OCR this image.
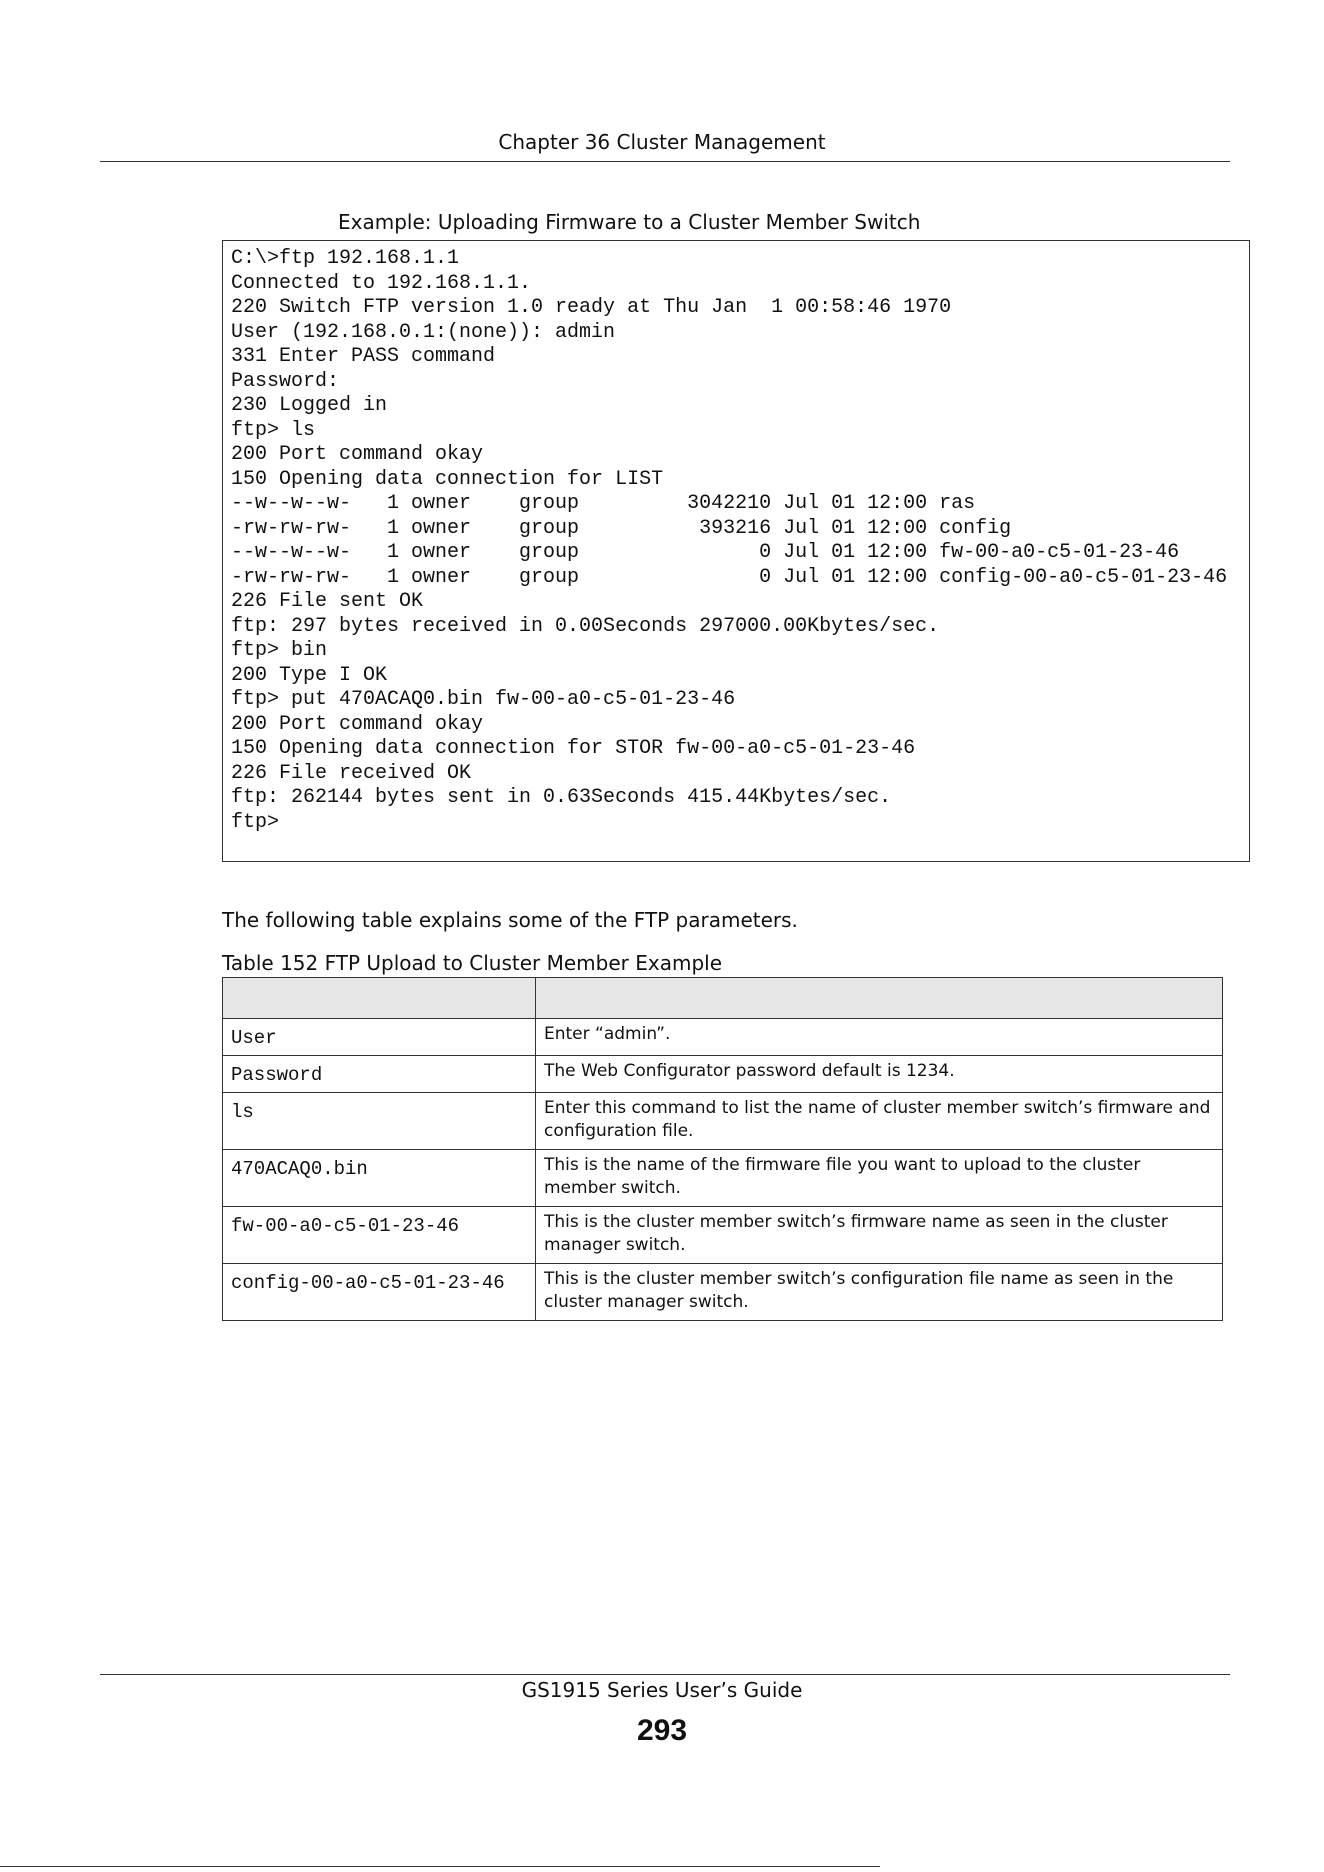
Chapter 36 Cluster Management
Example: Uploading Firmware to a Cluster Member Switch
C:\>ftp 192.168.1.1
Connected to 192.168.1.1.
220 Switch FTP version 1.0 ready at Thu Jan  1 00:58:46 1970
User (192.168.0.1:(none)): admin
331 Enter PASS command
Password:
230 Logged in
ftp> ls
200 Port command okay
150 Opening data connection for LIST
--w--w--w-   1 owner    group         3042210 Jul 01 12:00 ras
-rw-rw-rw-   1 owner    group          393216 Jul 01 12:00 config
--w--w--w-   1 owner    group               0 Jul 01 12:00 fw-00-a0-c5-01-23-46
-rw-rw-rw-   1 owner    group               0 Jul 01 12:00 config-00-a0-c5-01-23-46
226 File sent OK
ftp: 297 bytes received in 0.00Seconds 297000.00Kbytes/sec.
ftp> bin
200 Type I OK
ftp> put 470ACAQ0.bin fw-00-a0-c5-01-23-46
200 Port command okay
150 Opening data connection for STOR fw-00-a0-c5-01-23-46
226 File received OK
ftp: 262144 bytes sent in 0.63Seconds 415.44Kbytes/sec.
ftp>
The following table explains some of the FTP parameters.
Table 152 FTP Upload to Cluster Member Example

User	Enter “admin”.
Password	The Web Configurator password default is 1234.
ls	Enter this command to list the name of cluster member switch’s firmware and configuration file.
470ACAQ0.bin	This is the name of the firmware file you want to upload to the cluster member switch.
fw-00-a0-c5-01-23-46	This is the cluster member switch’s firmware name as seen in the cluster manager switch.
config-00-a0-c5-01-23-46	This is the cluster member switch’s configuration file name as seen in the cluster manager switch.
GS1915 Series User’s Guide
293
